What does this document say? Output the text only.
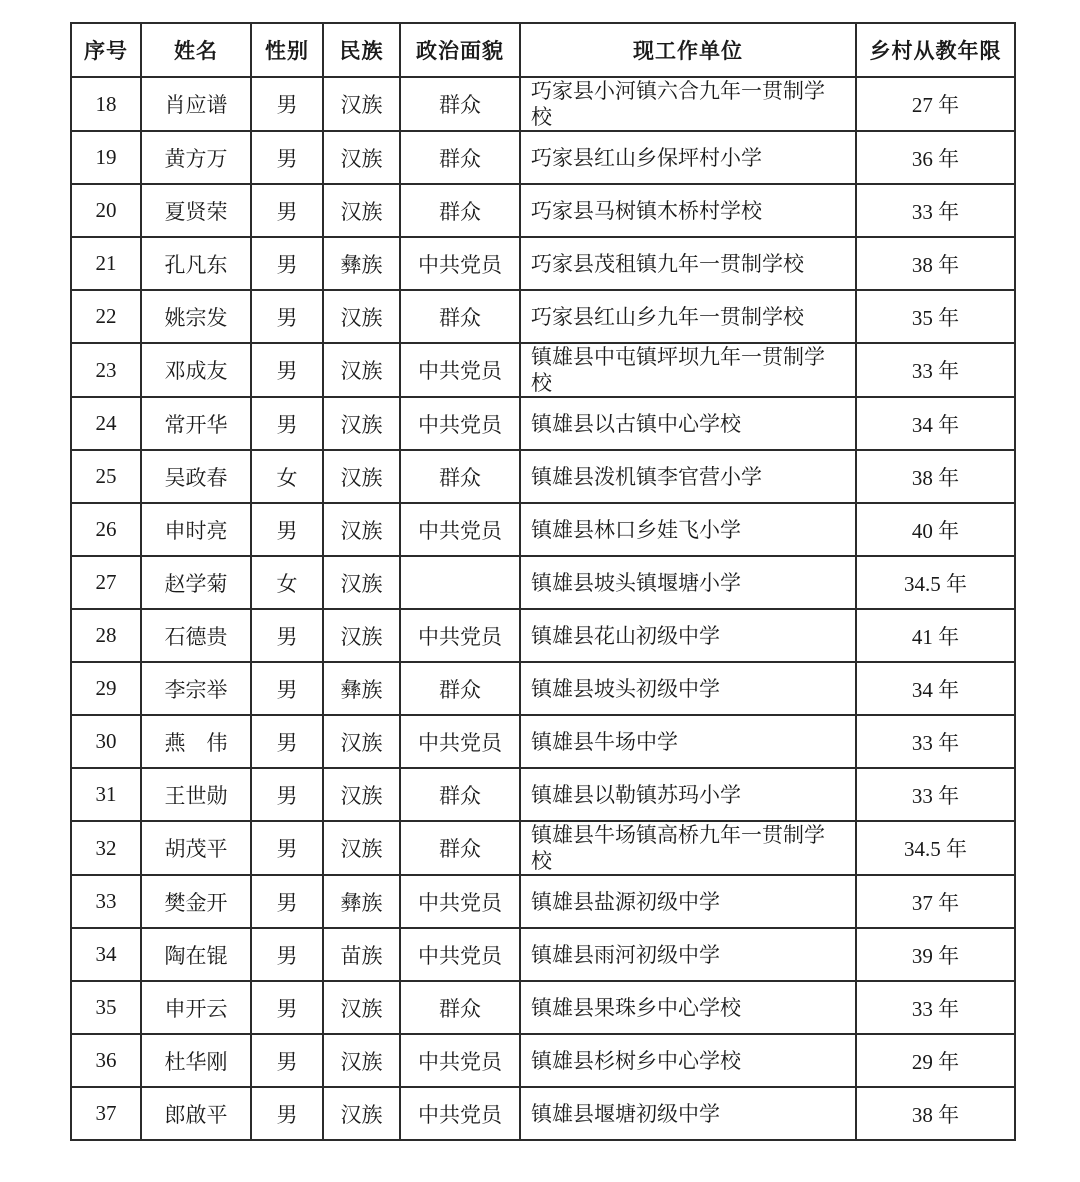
序号	姓名	性别	民族	政治面貌	现工作单位	乡村从教年限
18	肖应谱	男	汉族	群众	巧家县小河镇六合九年一贯制学校	27 年
19	黄方万	男	汉族	群众	巧家县红山乡保坪村小学	36 年
20	夏贤荣	男	汉族	群众	巧家县马树镇木桥村学校	33 年
21	孔凡东	男	彝族	中共党员	巧家县茂租镇九年一贯制学校	38 年
22	姚宗发	男	汉族	群众	巧家县红山乡九年一贯制学校	35 年
23	邓成友	男	汉族	中共党员	镇雄县中屯镇坪坝九年一贯制学校	33 年
24	常开华	男	汉族	中共党员	镇雄县以古镇中心学校	34 年
25	吴政春	女	汉族	群众	镇雄县泼机镇李官营小学	38 年
26	申时亮	男	汉族	中共党员	镇雄县林口乡娃飞小学	40 年
27	赵学菊	女	汉族		镇雄县坡头镇堰塘小学	34.5 年
28	石德贵	男	汉族	中共党员	镇雄县花山初级中学	41 年
29	李宗举	男	彝族	群众	镇雄县坡头初级中学	34 年
30	燕　伟	男	汉族	中共党员	镇雄县牛场中学	33 年
31	王世勋	男	汉族	群众	镇雄县以勒镇苏玛小学	33 年
32	胡茂平	男	汉族	群众	镇雄县牛场镇高桥九年一贯制学校	34.5 年
33	樊金开	男	彝族	中共党员	镇雄县盐源初级中学	37 年
34	陶在锟	男	苗族	中共党员	镇雄县雨河初级中学	39 年
35	申开云	男	汉族	群众	镇雄县果珠乡中心学校	33 年
36	杜华刚	男	汉族	中共党员	镇雄县杉树乡中心学校	29 年
37	郎啟平	男	汉族	中共党员	镇雄县堰塘初级中学	38 年
